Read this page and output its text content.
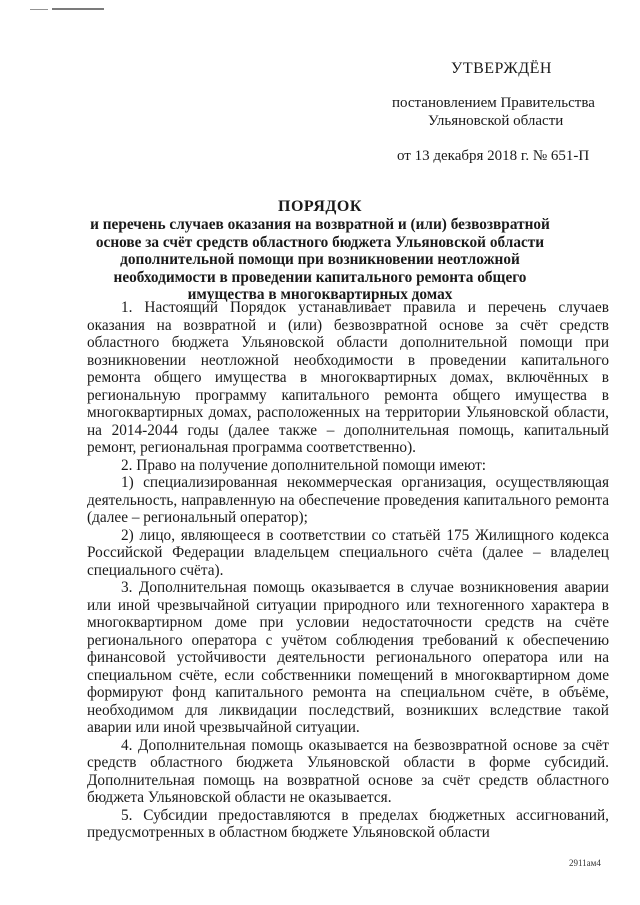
УТВЕРЖДЁН
постановлением Правительства
Ульяновской области
от 13 декабря 2018 г. № 651-П
ПОРЯДОК
и перечень случаев оказания на возвратной и (или) безвозвратной основе за счёт средств областного бюджета Ульяновской области дополнительной помощи при возникновении неотложной необходимости в проведении капитального ремонта общего имущества в многоквартирных домах

1. Настоящий Порядок устанавливает правила и перечень случаев оказания на возвратной и (или) безвозвратной основе за счёт средств областного бюджета Ульяновской области дополнительной помощи при возникновении неотложной необходимости в проведении капитального ремонта общего имущества в многоквартирных домах, включённых в региональную программу капитального ремонта общего имущества в многоквартирных домах, расположенных на территории Ульяновской области, на 2014-2044 годы (далее также – дополнительная помощь, капитальный ремонт, региональная программа соответственно).

2. Право на получение дополнительной помощи имеют:

1) специализированная некоммерческая организация, осуществляющая деятельность, направленную на обеспечение проведения капитального ремонта (далее – региональный оператор);

2) лицо, являющееся в соответствии со статьёй 175 Жилищного кодекса Российской Федерации владельцем специального счёта (далее – владелец специального счёта).

3. Дополнительная помощь оказывается в случае возникновения аварии или иной чрезвычайной ситуации природного или техногенного характера в многоквартирном доме при условии недостаточности средств на счёте регионального оператора с учётом соблюдения требований к обеспечению финансовой устойчивости деятельности регионального оператора или на специальном счёте, если собственники помещений в многоквартирном доме формируют фонд капитального ремонта на специальном счёте, в объёме, необходимом для ликвидации последствий, возникших вследствие такой аварии или иной чрезвычайной ситуации.

4. Дополнительная помощь оказывается на безвозвратной основе за счёт средств областного бюджета Ульяновской области в форме субсидий. Дополнительная помощь на возвратной основе за счёт средств областного бюджета Ульяновской области не оказывается.

5. Субсидии предоставляются в пределах бюджетных ассигнований, предусмотренных в областном бюджете Ульяновской области

2911ам4
